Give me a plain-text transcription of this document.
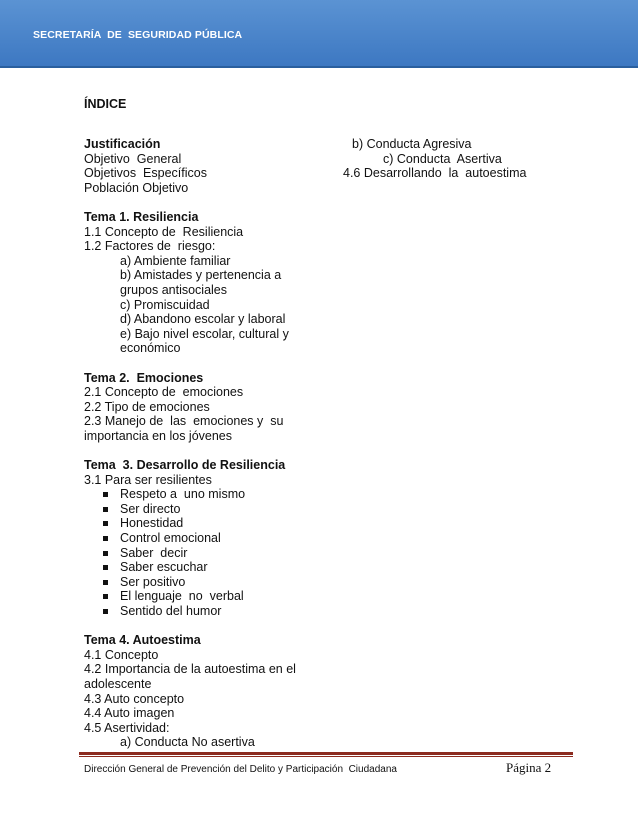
SECRETARÍA  DE  SEGURIDAD PÚBLICA
ÍNDICE
Justificación
Objetivo  General
Objetivos  Específicos
Población Objetivo
Tema 1. Resiliencia
1.1 Concepto de  Resiliencia
1.2 Factores de  riesgo:
a) Ambiente familiar
b) Amistades y pertenencia a grupos antisociales
c) Promiscuidad
d) Abandono escolar y laboral
e) Bajo nivel escolar, cultural y económico
Tema 2.  Emociones
2.1 Concepto de  emociones
2.2 Tipo de emociones
2.3 Manejo de  las  emociones y  su
importancia en los jóvenes
Tema  3. Desarrollo de Resiliencia
3.1 Para ser resilientes
Respeto a  uno mismo
Ser directo
Honestidad
Control emocional
Saber  decir
Saber escuchar
Ser positivo
El lenguaje  no  verbal
Sentido del humor
Tema 4. Autoestima
4.1 Concepto
4.2 Importancia de la autoestima en el
adolescente
4.3 Auto concepto
4.4 Auto imagen
4.5 Asertividad:
a) Conducta No asertiva
b) Conducta Agresiva
c) Conducta  Asertiva
4.6 Desarrollando  la  autoestima
Dirección General de Prevención del Delito y Participación  Ciudadana	Página 2
